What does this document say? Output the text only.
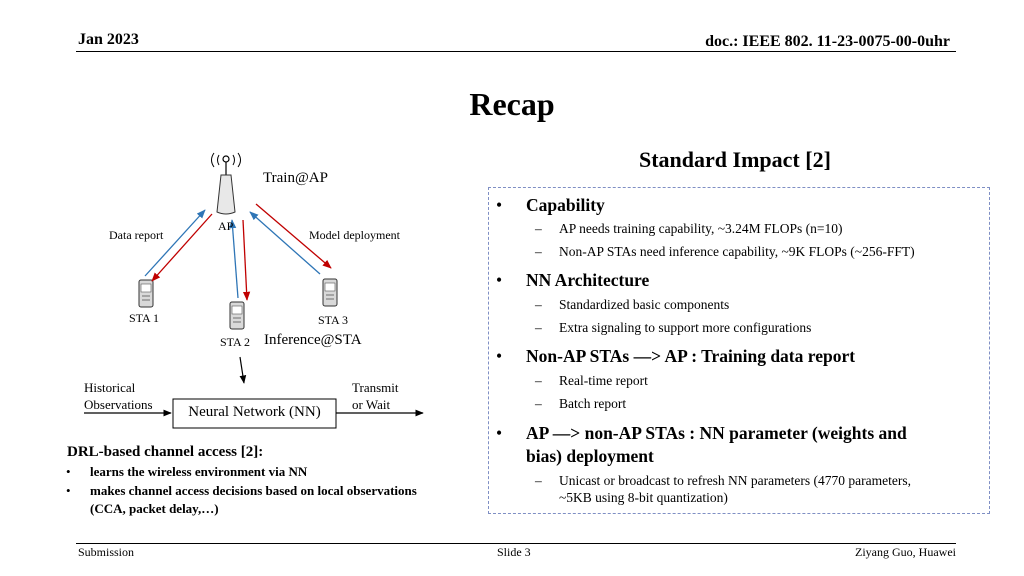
Jan 2023	doc.: IEEE 802. 11-23-0075-00-0uhr
Recap
AP
Train@AP
Data report	Model deployment
STA 1	STA 3
STA 2 Inference@STA
Historical
Observations	Neural Network (NN)
Transmit
or Wait
DRL-based channel access [2]:
• learns the wireless environment via NN
• makes channel access decisions based on local observations
(CCA, packet delay,…)
Standard Impact [2]
• Capability
– AP needs training capability, ~3.24M FLOPs (n=10)
– Non-AP STAs need inference capability, ~9K FLOPs (~256-FFT)
• NN Architecture
– Standardized basic components
– Extra signaling to support more configurations
• Non-AP STAs —> AP : Training data report
– Real-time report
– Batch report
• AP —> non-AP STAs : NN parameter (weights and
bias) deployment
– Unicast or broadcast to refresh NN parameters (4770 parameters,
~5KB using 8-bit quantization)
Submission	Slide 3	Ziyang Guo, Huawei
